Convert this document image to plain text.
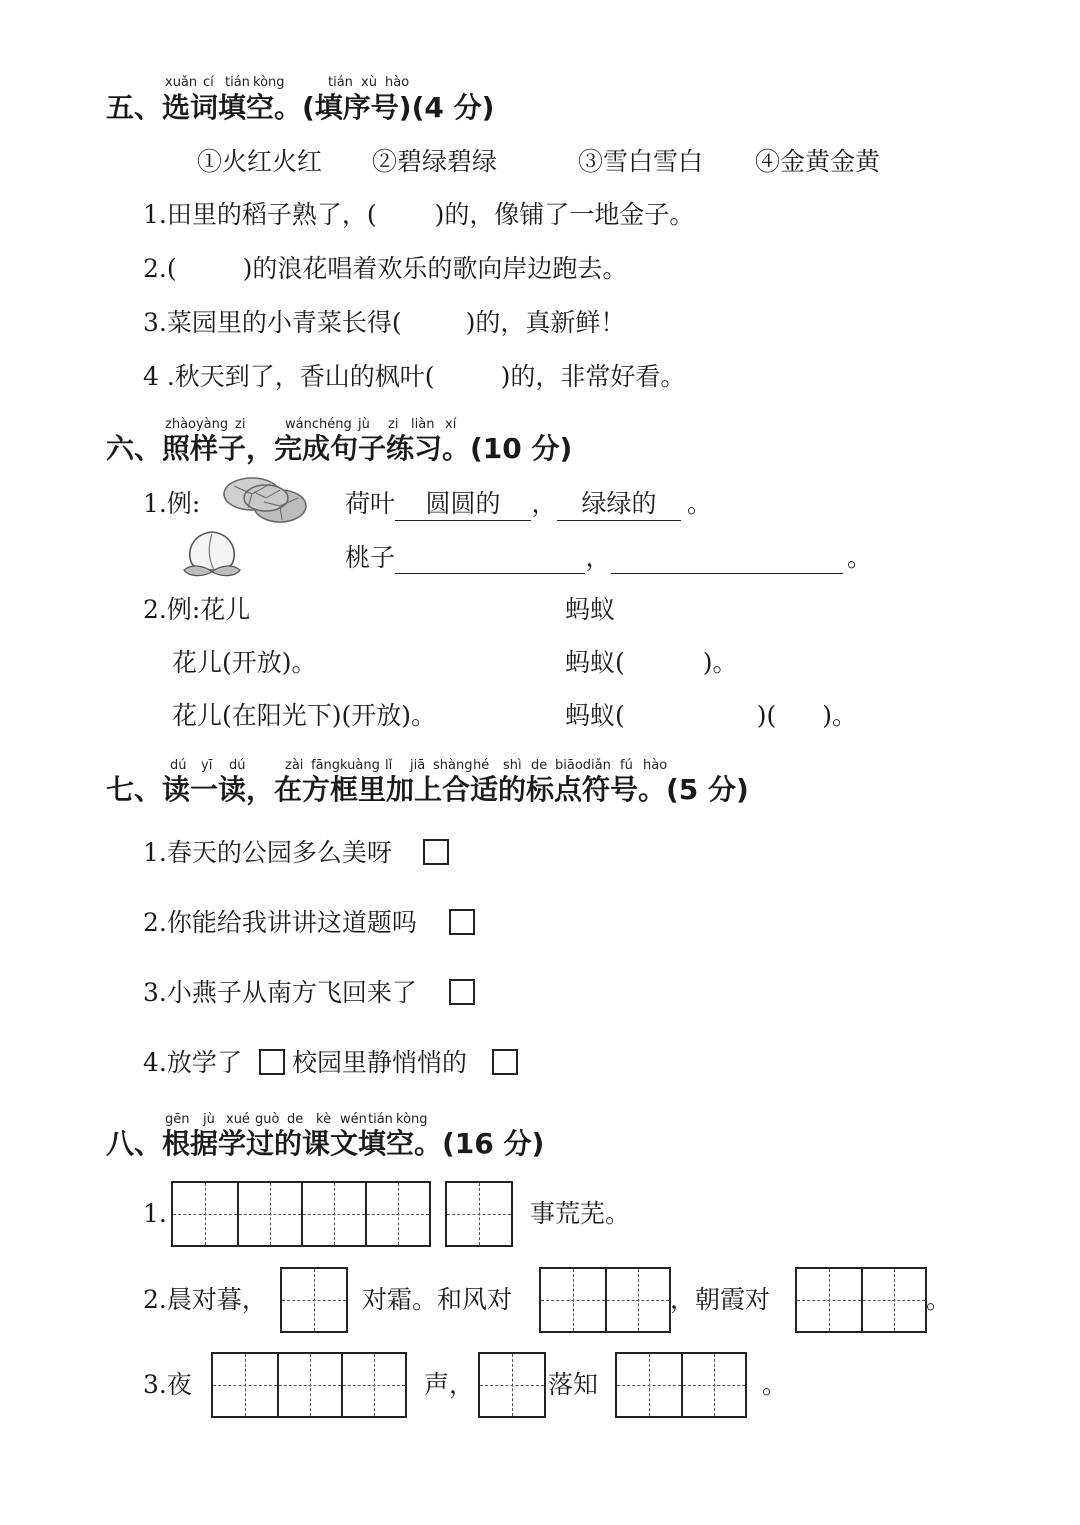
xuǎn cí tián kòng	tián xù hào
五、选词填空。(填序号)(4 分)
①火红火红 ②碧绿碧绿	③雪白雪白 ④金黄金黄
1.田里的稻子熟了，( )的，像铺了一地金子。
2.(	)的浪花唱着欢乐的歌向岸边跑去。
3.菜园里的小青菜长得(	)的，真新鲜！
4 .秋天到了，香山的枫叶(	)的，非常好看。
zhàoyàng zi	wánchéng jù zi liàn xí
六、照样子，完成句子练习。(10 分)
1.例:	荷叶 圆圆的 ， 绿绿的 。
桃子	，	。
2.例:花儿	蚂蚁
花儿(开放)。	蚂蚁(	)。
花儿(在阳光下)(开放)。	蚂蚁(	)( )。
dú yī dú	zài fāngkuàng lǐ jiā shàng hé shì de biāodiǎn fú hào
七、读一读，在方框里加上合适的标点符号。(5 分)
1.春天的公园多么美呀
2.你能给我讲讲这道题吗
3.小燕子从南方飞回来了
4.放学了 校园里静悄悄的
gēn jù xué guò de kè wén tián kòng
八、根据学过的课文填空。(16 分)
1.	事荒芜。
2.晨对暮，	对霜。和风对	，朝霞对	。
3.夜	声，	落知	。
